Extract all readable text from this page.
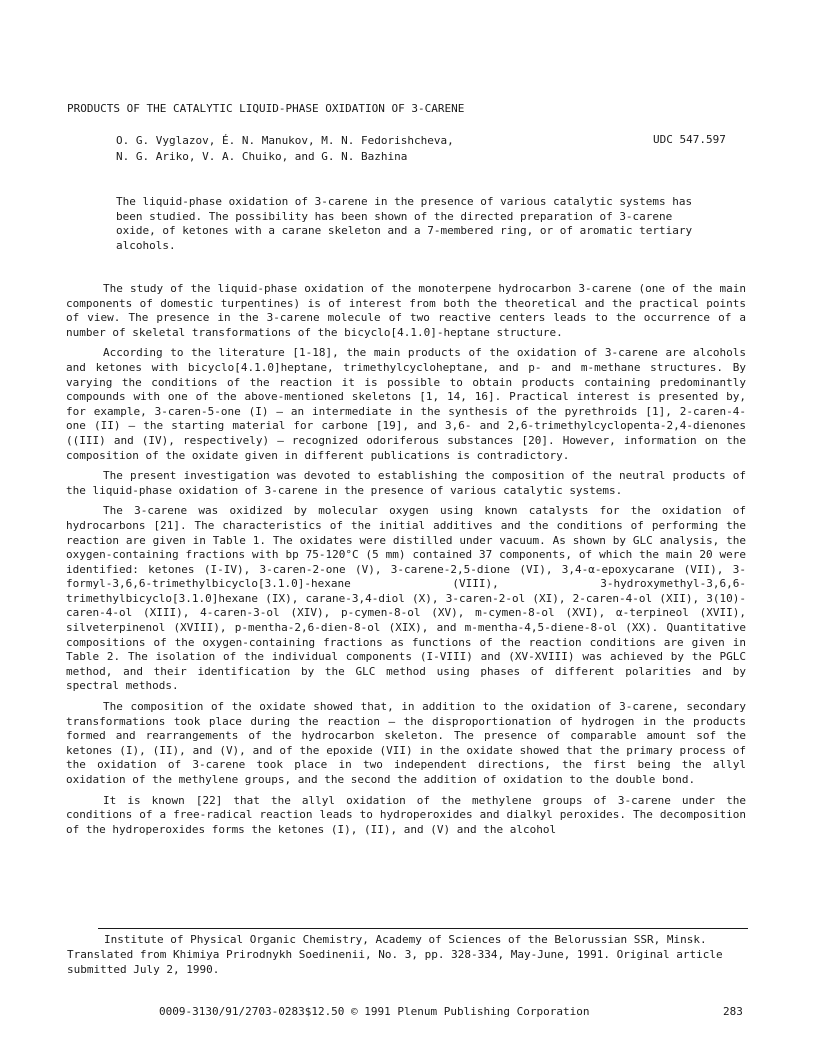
PRODUCTS OF THE CATALYTIC LIQUID-PHASE OXIDATION OF 3-CARENE
O. G. Vyglazov, É. N. Manukov, M. N. Fedorishcheva,
N. G. Ariko, V. A. Chuiko, and G. N. Bazhina
UDC 547.597
The liquid-phase oxidation of 3-carene in the presence of various catalytic systems has been studied. The possibility has been shown of the directed preparation of 3-carene oxide, of ketones with a carane skeleton and a 7-membered ring, or of aromatic tertiary alcohols.

The study of the liquid-phase oxidation of the monoterpene hydrocarbon 3-carene (one of the main components of domestic turpentines) is of interest from both the theoretical and the practical points of view. The presence in the 3-carene molecule of two reactive centers leads to the occurrence of a number of skeletal transformations of the bicyclo[4.1.0]-heptane structure.

According to the literature [1-18], the main products of the oxidation of 3-carene are alcohols and ketones with bicyclo[4.1.0]heptane, trimethylcycloheptane, and p- and m-methane structures. By varying the conditions of the reaction it is possible to obtain products containing predominantly compounds with one of the above-mentioned skeletons [1, 14, 16]. Practical interest is presented by, for example, 3-caren-5-one (I) – an intermediate in the synthesis of the pyrethroids [1], 2-caren-4-one (II) – the starting material for carbone [19], and 3,6- and 2,6-trimethylcyclopenta-2,4-dienones ((III) and (IV), respectively) – recognized odoriferous substances [20]. However, information on the composition of the oxidate given in different publications is contradictory.

The present investigation was devoted to establishing the composition of the neutral products of the liquid-phase oxidation of 3-carene in the presence of various catalytic systems.

The 3-carene was oxidized by molecular oxygen using known catalysts for the oxidation of hydrocarbons [21]. The characteristics of the initial additives and the conditions of performing the reaction are given in Table 1. The oxidates were distilled under vacuum. As shown by GLC analysis, the oxygen-containing fractions with bp 75-120°C (5 mm) contained 37 components, of which the main 20 were identified: ketones (I-IV), 3-caren-2-one (V), 3-carene-2,5-dione (VI), 3,4-α-epoxycarane (VII), 3-formyl-3,6,6-trimethylbicyclo[3.1.0]-hexane (VIII), 3-hydroxymethyl-3,6,6-trimethylbicyclo[3.1.0]hexane (IX), carane-3,4-diol (X), 3-caren-2-ol (XI), 2-caren-4-ol (XII), 3(10)-caren-4-ol (XIII), 4-caren-3-ol (XIV), p-cymen-8-ol (XV), m-cymen-8-ol (XVI), α-terpineol (XVII), silveterpinenol (XVIII), p-mentha-2,6-dien-8-ol (XIX), and m-mentha-4,5-diene-8-ol (XX). Quantitative compositions of the oxygen-containing fractions as functions of the reaction conditions are given in Table 2. The isolation of the individual components (I-VIII) and (XV-XVIII) was achieved by the PGLC method, and their identification by the GLC method using phases of different polarities and by spectral methods.

The composition of the oxidate showed that, in addition to the oxidation of 3-carene, secondary transformations took place during the reaction – the disproportionation of hydrogen in the products formed and rearrangements of the hydrocarbon skeleton. The presence of comparable amount sof the ketones (I), (II), and (V), and of the epoxide (VII) in the oxidate showed that the primary process of the oxidation of 3-carene took place in two independent directions, the first being the allyl oxidation of the methylene groups, and the second the addition of oxidation to the double bond.

It is known [22] that the allyl oxidation of the methylene groups of 3-carene under the conditions of a free-radical reaction leads to hydroperoxides and dialkyl peroxides. The decomposition of the hydroperoxides forms the ketones (I), (II), and (V) and the alcohol

Institute of Physical Organic Chemistry, Academy of Sciences of the Belorussian SSR, Minsk. Translated from Khimiya Prirodnykh Soedinenii, No. 3, pp. 328-334, May-June, 1991. Original article submitted July 2, 1990.

0009-3130/91/2703-0283$12.50 © 1991 Plenum Publishing Corporation	283
